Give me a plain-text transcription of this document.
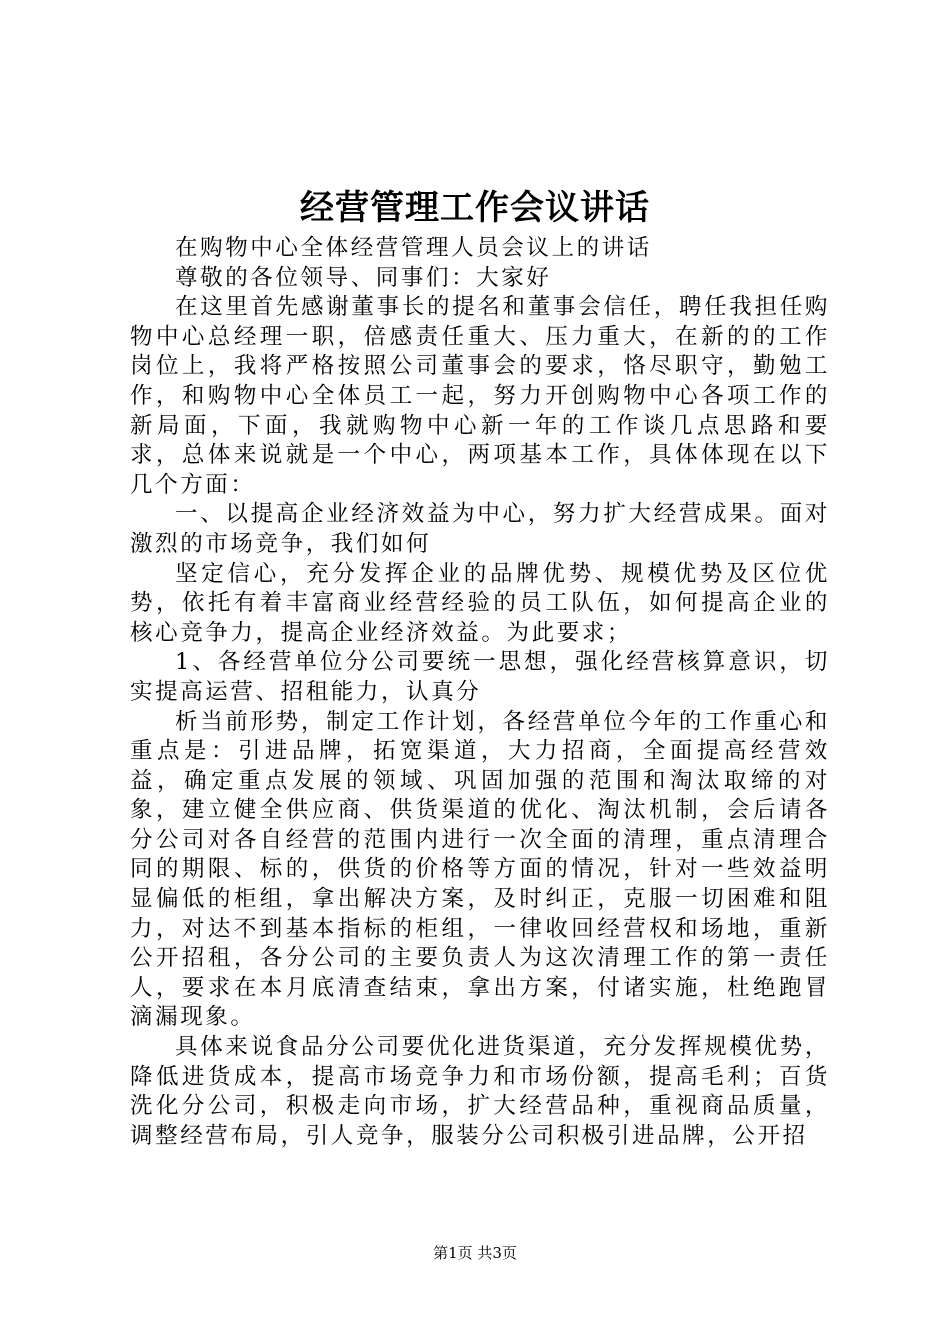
经营管理工作会议讲话

在购物中心全体经营管理人员会议上的讲话

尊敬的各位领导、同事们：大家好

在这里首先感谢董事长的提名和董事会信任，聘任我担任购物中心总经理一职，倍感责任重大、压力重大，在新的的工作岗位上，我将严格按照公司董事会的要求，恪尽职守，勤勉工作，和购物中心全体员工一起，努力开创购物中心各项工作的新局面，下面，我就购物中心新一年的工作谈几点思路和要求，总体来说就是一个中心，两项基本工作，具体体现在以下几个方面：

一、以提高企业经济效益为中心，努力扩大经营成果。面对激烈的市场竞争，我们如何

坚定信心，充分发挥企业的品牌优势、规模优势及区位优势，依托有着丰富商业经营经验的员工队伍，如何提高企业的核心竞争力，提高企业经济效益。为此要求；

1、各经营单位分公司要统一思想，强化经营核算意识，切实提高运营、招租能力，认真分

析当前形势，制定工作计划，各经营单位今年的工作重心和重点是：引进品牌，拓宽渠道，大力招商，全面提高经营效益，确定重点发展的领域、巩固加强的范围和淘汰取缔的对象，建立健全供应商、供货渠道的优化、淘汰机制，会后请各分公司对各自经营的范围内进行一次全面的清理，重点清理合同的期限、标的，供货的价格等方面的情况，针对一些效益明显偏低的柜组，拿出解决方案，及时纠正，克服一切困难和阻力，对达不到基本指标的柜组，一律收回经营权和场地，重新公开招租，各分公司的主要负责人为这次清理工作的第一责任人，要求在本月底清查结束，拿出方案，付诸实施，杜绝跑冒滴漏现象。

具体来说食品分公司要优化进货渠道，充分发挥规模优势，降低进货成本，提高市场竞争力和市场份额，提高毛利；百货洗化分公司，积极走向市场，扩大经营品种，重视商品质量，调整经营布局，引人竞争，服装分公司积极引进品牌，公开招

第1页 共3页
